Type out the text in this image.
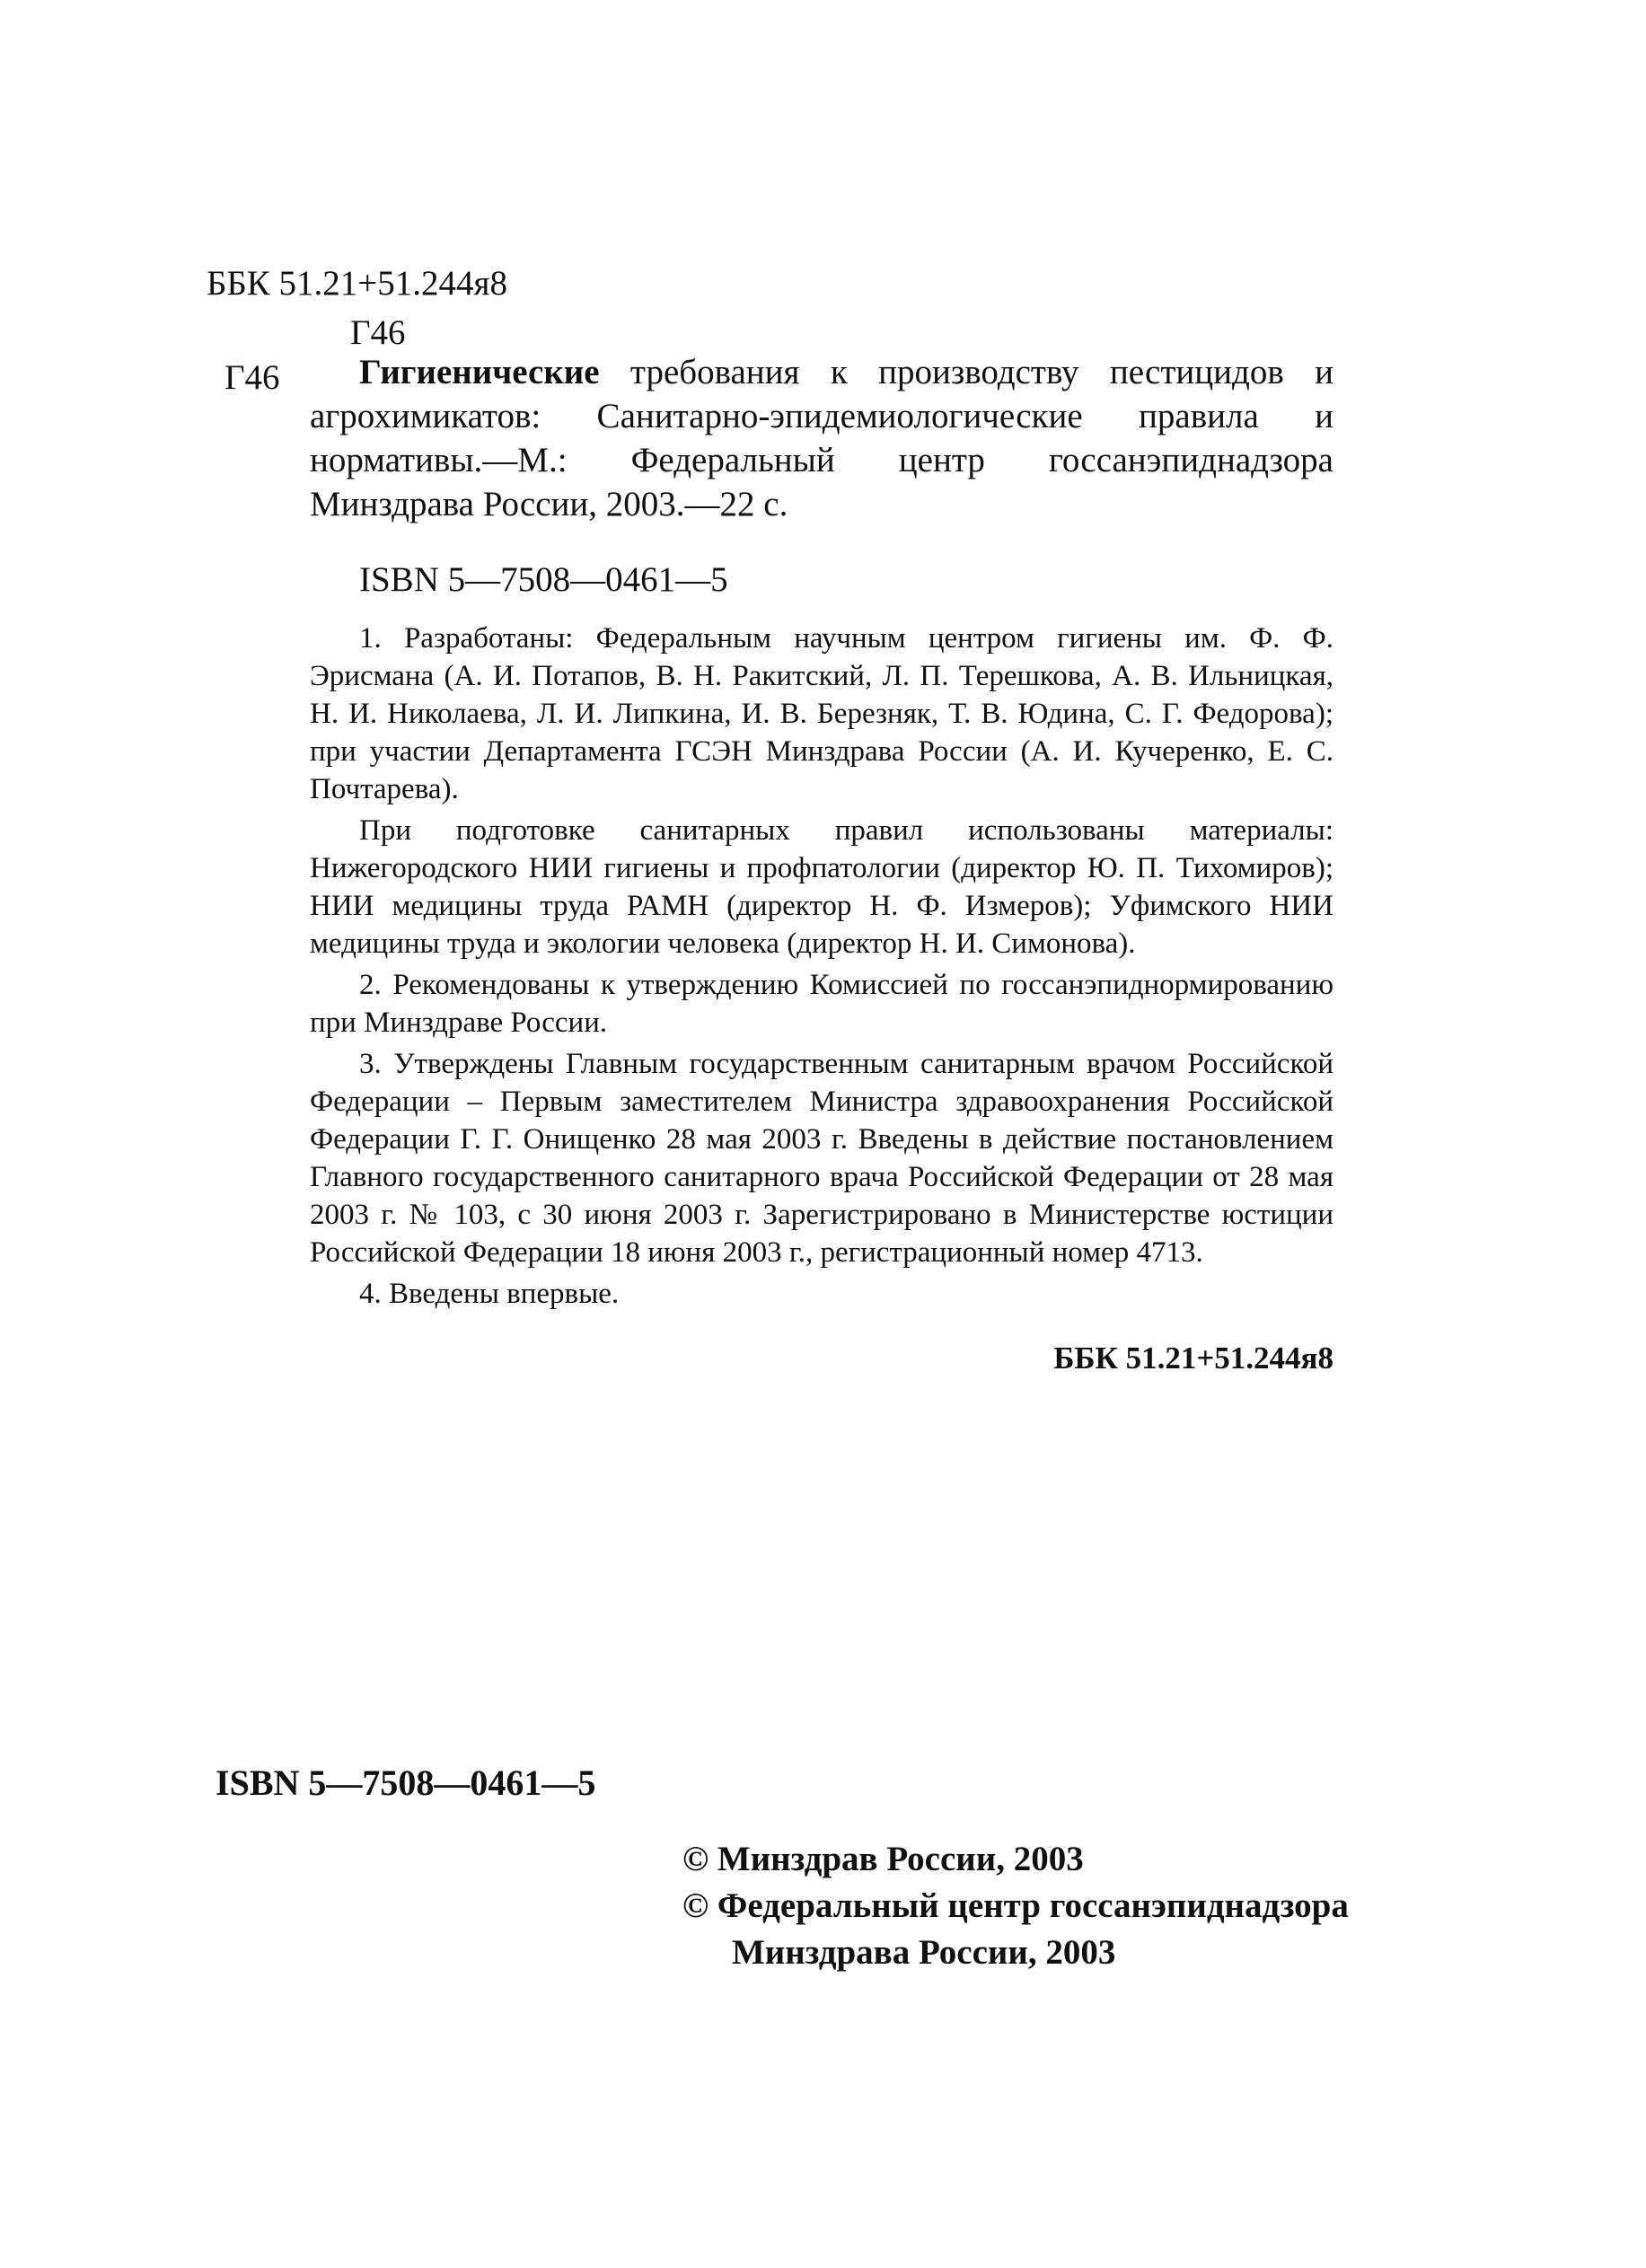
ББК 51.21+51.244я8
Г46
Г46	Гигиенические требования к производству пестицидов и агрохимикатов: Санитарно-эпидемиологические правила и нормативы.—М.: Федеральный центр госсанэпиднадзора Минздрава России, 2003.—22 с.
ISBN 5—7508—0461—5

1. Разработаны: Федеральным научным центром гигиены им. Ф. Ф. Эрисмана (А. И. Потапов, В. Н. Ракитский, Л. П. Терешкова, А. В. Ильницкая, Н. И. Николаева, Л. И. Липкина, И. В. Березняк, Т. В. Юдина, С. Г. Федорова); при участии Департамента ГСЭН Минздрава России (А. И. Кучеренко, Е. С. Почтарева).

При подготовке санитарных правил использованы материалы: Нижегородского НИИ гигиены и профпатологии (директор Ю. П. Тихомиров); НИИ медицины труда РАМН (директор Н. Ф. Измеров); Уфимского НИИ медицины труда и экологии человека (директор Н. И. Симонова).

2. Рекомендованы к утверждению Комиссией по госсанэпиднормированию при Минздраве России.

3. Утверждены Главным государственным санитарным врачом Российской Федерации – Первым заместителем Министра здравоохранения Российской Федерации Г. Г. Онищенко 28 мая 2003 г. Введены в действие постановлением Главного государственного санитарного врача Российской Федерации от 28 мая 2003 г. № 103, с 30 июня 2003 г. Зарегистрировано в Министерстве юстиции Российской Федерации 18 июня 2003 г., регистрационный номер 4713.

4. Введены впервые.

ББК 51.21+51.244я8
ISBN 5—7508—0461—5
© Минздрав России, 2003
© Федеральный центр госсанэпиднадзора
Минздрава России, 2003
